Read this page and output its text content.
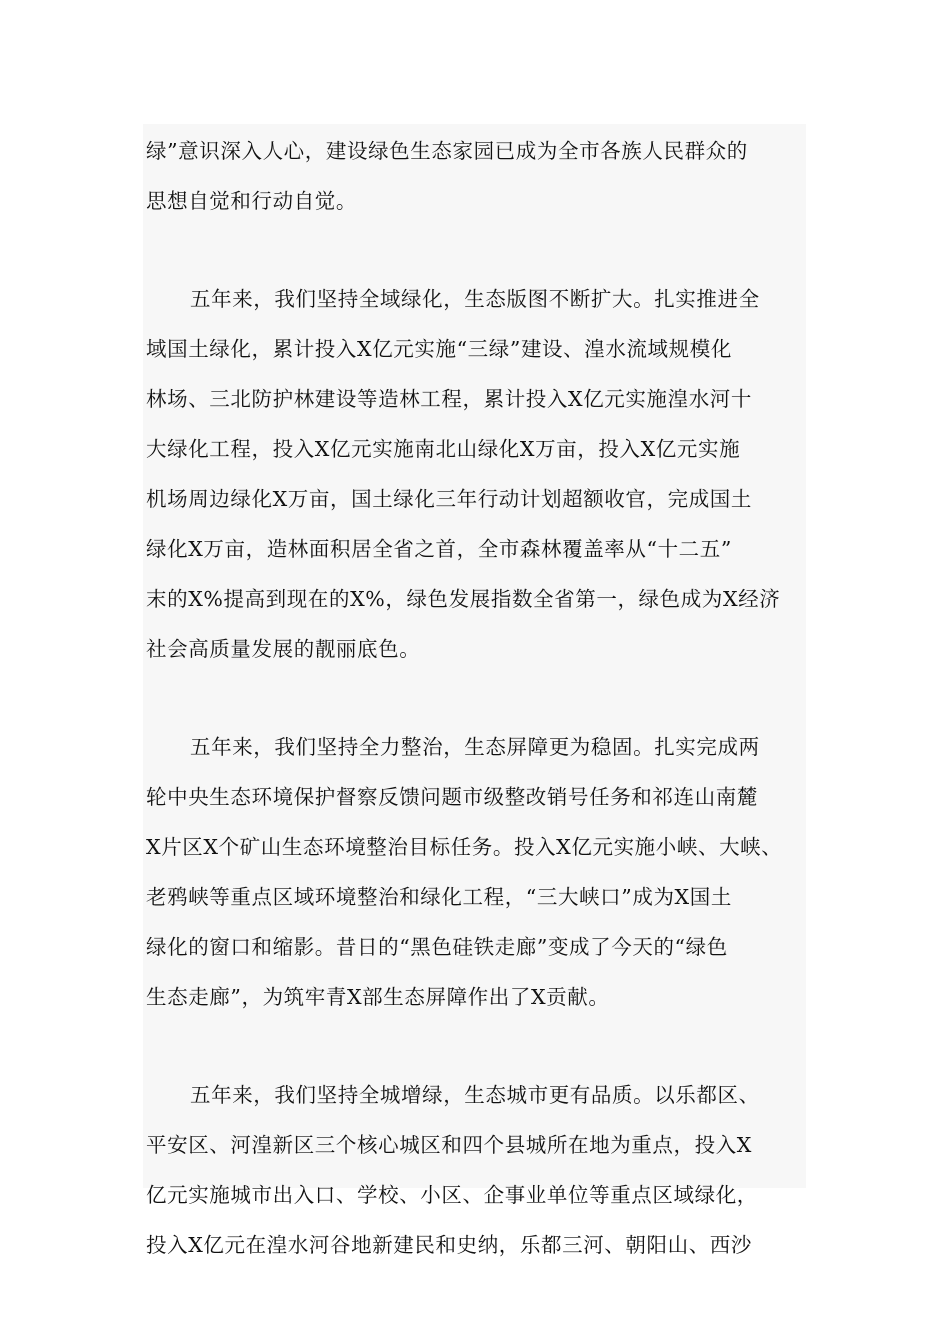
绿”意识深入人心，建设绿色生态家园已成为全市各族人民群众的
思想自觉和行动自觉。
五年来，我们坚持全域绿化，生态版图不断扩大。扎实推进全
域国土绿化，累计投入X亿元实施“三绿”建设、湟水流域规模化
林场、三北防护林建设等造林工程，累计投入X亿元实施湟水河十
大绿化工程，投入X亿元实施南北山绿化X万亩，投入X亿元实施
机场周边绿化X万亩，国土绿化三年行动计划超额收官，完成国土
绿化X万亩，造林面积居全省之首，全市森林覆盖率从“十二五”
末的X%提高到现在的X%，绿色发展指数全省第一，绿色成为X经济
社会高质量发展的靓丽底色。
五年来，我们坚持全力整治，生态屏障更为稳固。扎实完成两
轮中央生态环境保护督察反馈问题市级整改销号任务和祁连山南麓
X片区X个矿山生态环境整治目标任务。投入X亿元实施小峡、大峡、
老鸦峡等重点区域环境整治和绿化工程，“三大峡口”成为X国土
绿化的窗口和缩影。昔日的“黑色硅铁走廊”变成了今天的“绿色
生态走廊”，为筑牢青X部生态屏障作出了X贡献。
五年来，我们坚持全城增绿，生态城市更有品质。以乐都区、
平安区、河湟新区三个核心城区和四个县城所在地为重点，投入X
亿元实施城市出入口、学校、小区、企事业单位等重点区域绿化，
投入X亿元在湟水河谷地新建民和史纳，乐都三河、朝阳山、西沙
